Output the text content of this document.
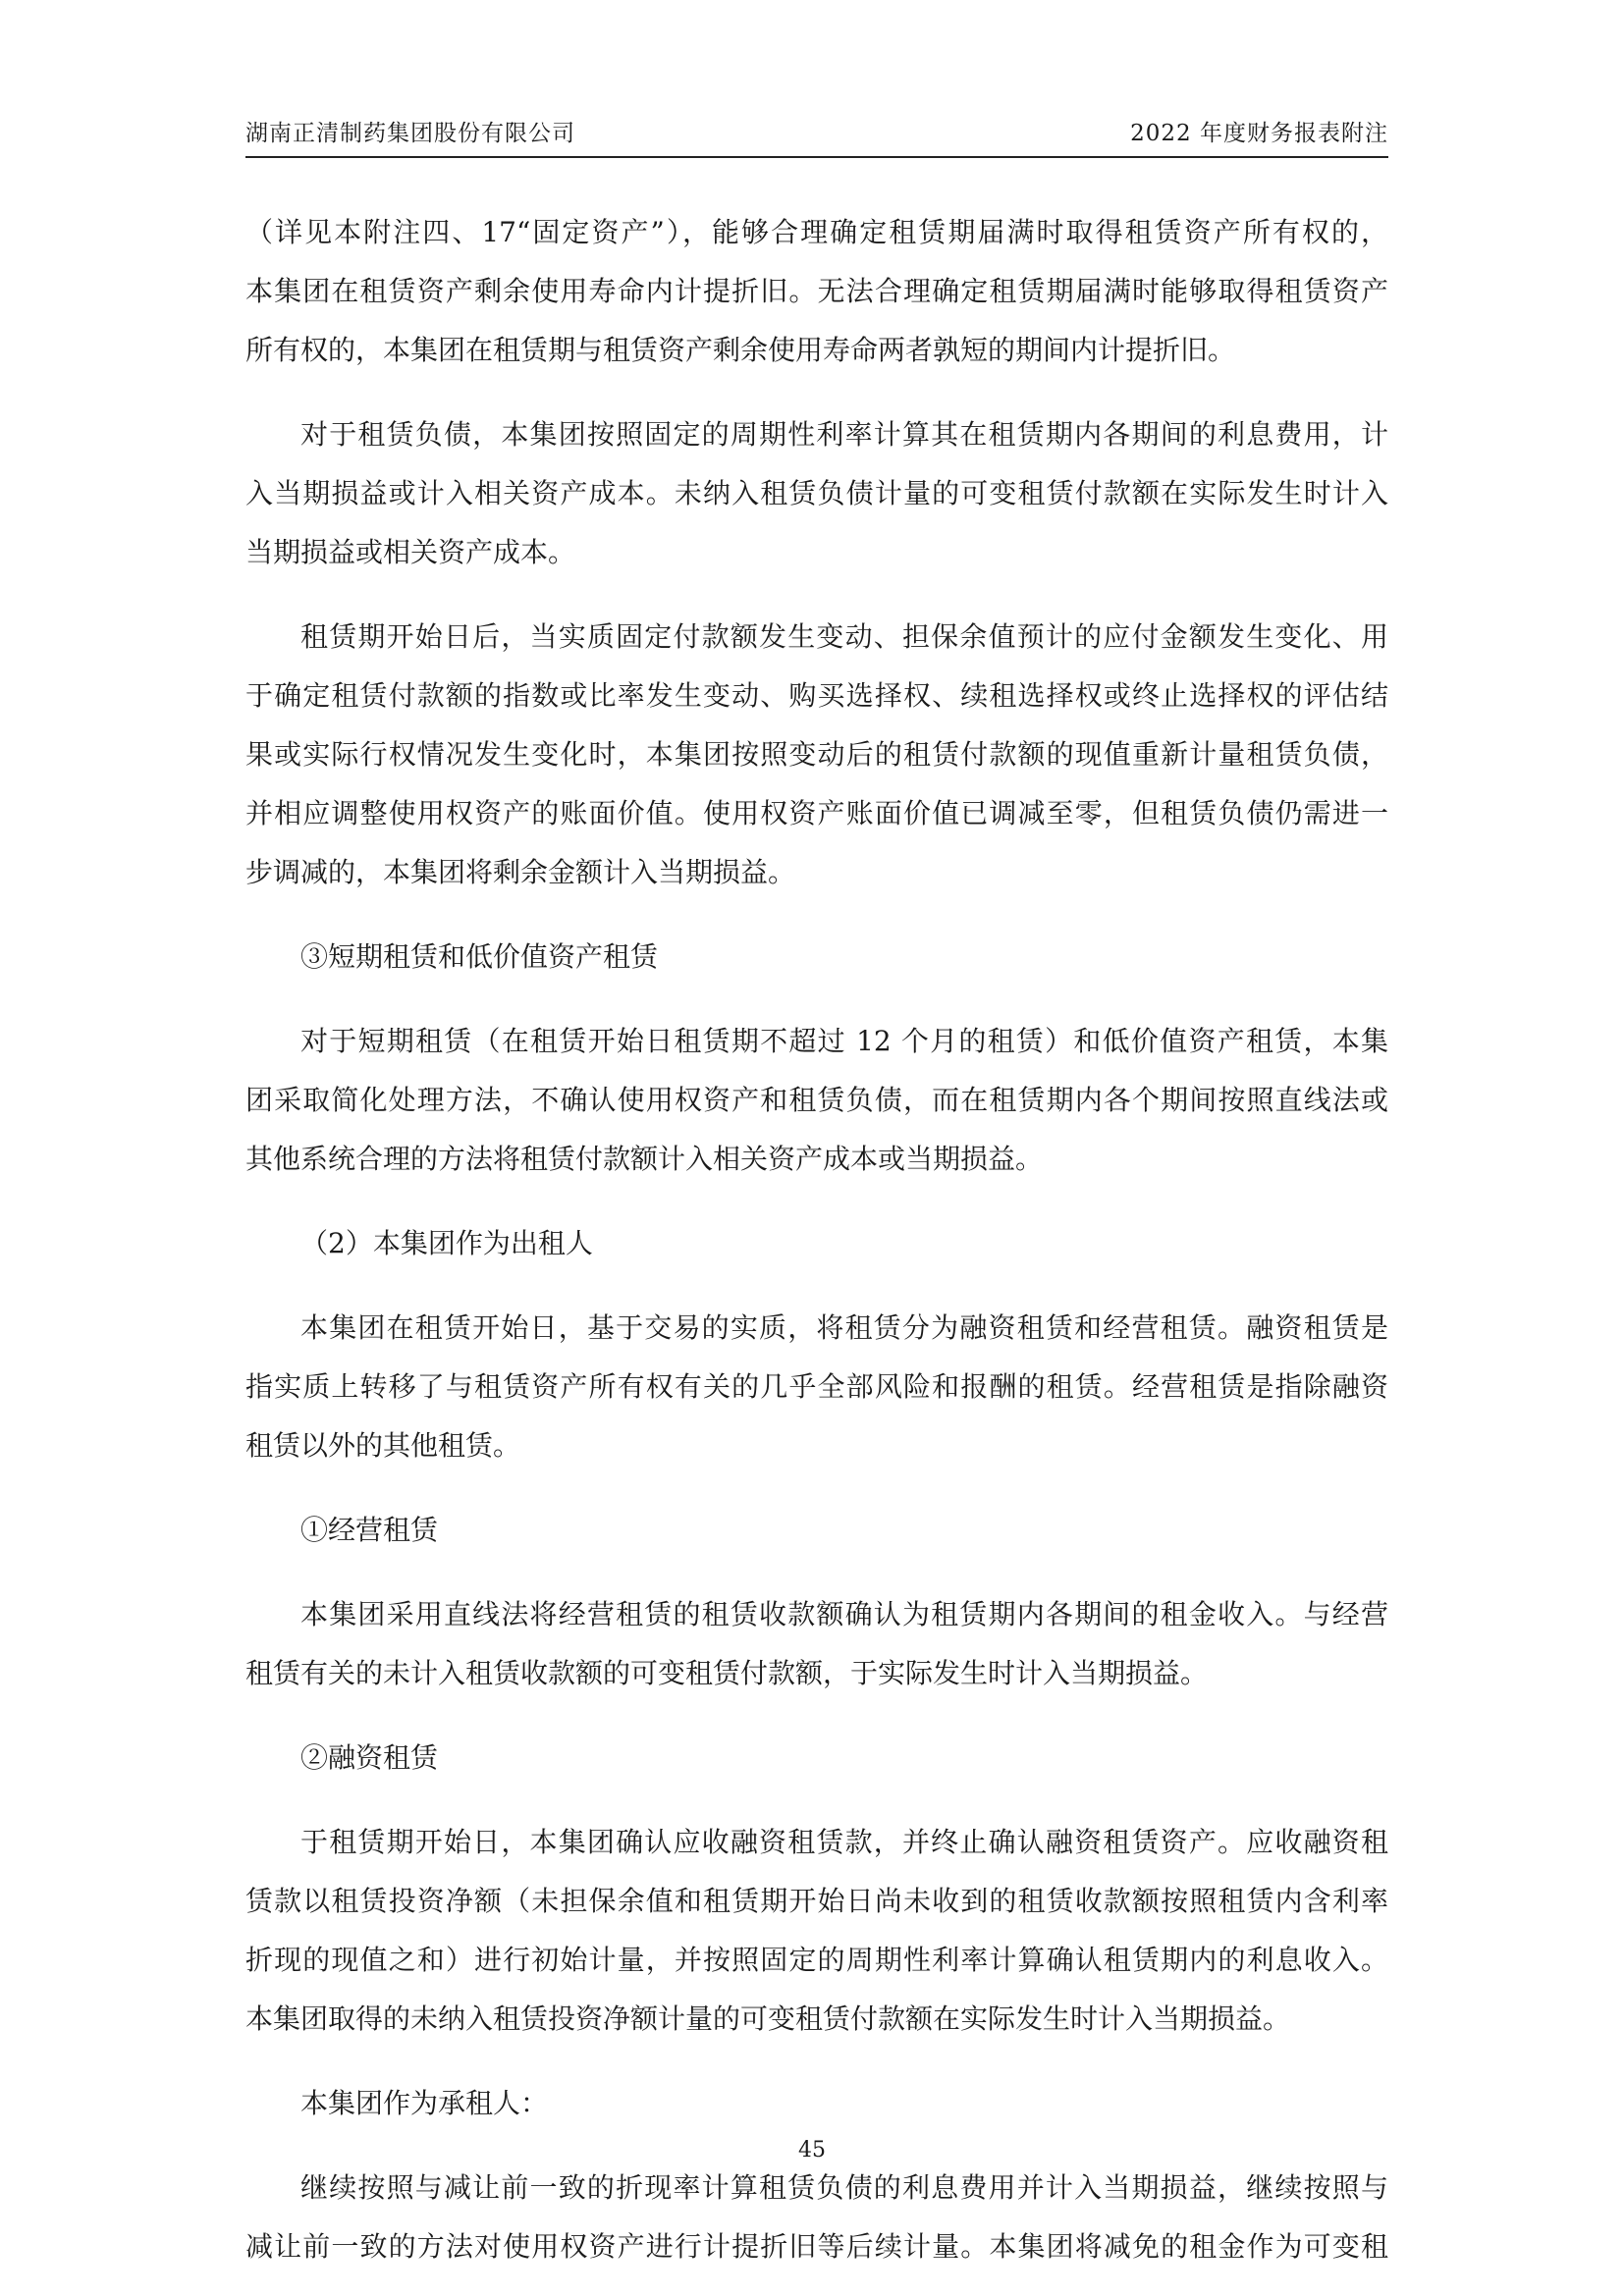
湖南正清制药集团股份有限公司	2022 年度财务报表附注
（详见本附注四、17“固定资产”），能够合理确定租赁期届满时取得租赁资产所有权的，
本集团在租赁资产剩余使用寿命内计提折旧。无法合理确定租赁期届满时能够取得租赁资产
所有权的，本集团在租赁期与租赁资产剩余使用寿命两者孰短的期间内计提折旧。
对于租赁负债，本集团按照固定的周期性利率计算其在租赁期内各期间的利息费用，计
入当期损益或计入相关资产成本。未纳入租赁负债计量的可变租赁付款额在实际发生时计入
当期损益或相关资产成本。
租赁期开始日后，当实质固定付款额发生变动、担保余值预计的应付金额发生变化、用
于确定租赁付款额的指数或比率发生变动、购买选择权、续租选择权或终止选择权的评估结
果或实际行权情况发生变化时，本集团按照变动后的租赁付款额的现值重新计量租赁负债，
并相应调整使用权资产的账面价值。使用权资产账面价值已调减至零，但租赁负债仍需进一
步调减的，本集团将剩余金额计入当期损益。
③短期租赁和低价值资产租赁
对于短期租赁（在租赁开始日租赁期不超过 12 个月的租赁）和低价值资产租赁，本集
团采取简化处理方法，不确认使用权资产和租赁负债，而在租赁期内各个期间按照直线法或
其他系统合理的方法将租赁付款额计入相关资产成本或当期损益。
（2）本集团作为出租人
本集团在租赁开始日，基于交易的实质，将租赁分为融资租赁和经营租赁。融资租赁是
指实质上转移了与租赁资产所有权有关的几乎全部风险和报酬的租赁。经营租赁是指除融资
租赁以外的其他租赁。
①经营租赁
本集团采用直线法将经营租赁的租赁收款额确认为租赁期内各期间的租金收入。与经营
租赁有关的未计入租赁收款额的可变租赁付款额，于实际发生时计入当期损益。
②融资租赁
于租赁期开始日，本集团确认应收融资租赁款，并终止确认融资租赁资产。应收融资租
赁款以租赁投资净额（未担保余值和租赁期开始日尚未收到的租赁收款额按照租赁内含利率
折现的现值之和）进行初始计量，并按照固定的周期性利率计算确认租赁期内的利息收入。
本集团取得的未纳入租赁投资净额计量的可变租赁付款额在实际发生时计入当期损益。
本集团作为承租人：
继续按照与减让前一致的折现率计算租赁负债的利息费用并计入当期损益，继续按照与
减让前一致的方法对使用权资产进行计提折旧等后续计量。本集团将减免的租金作为可变租
45
